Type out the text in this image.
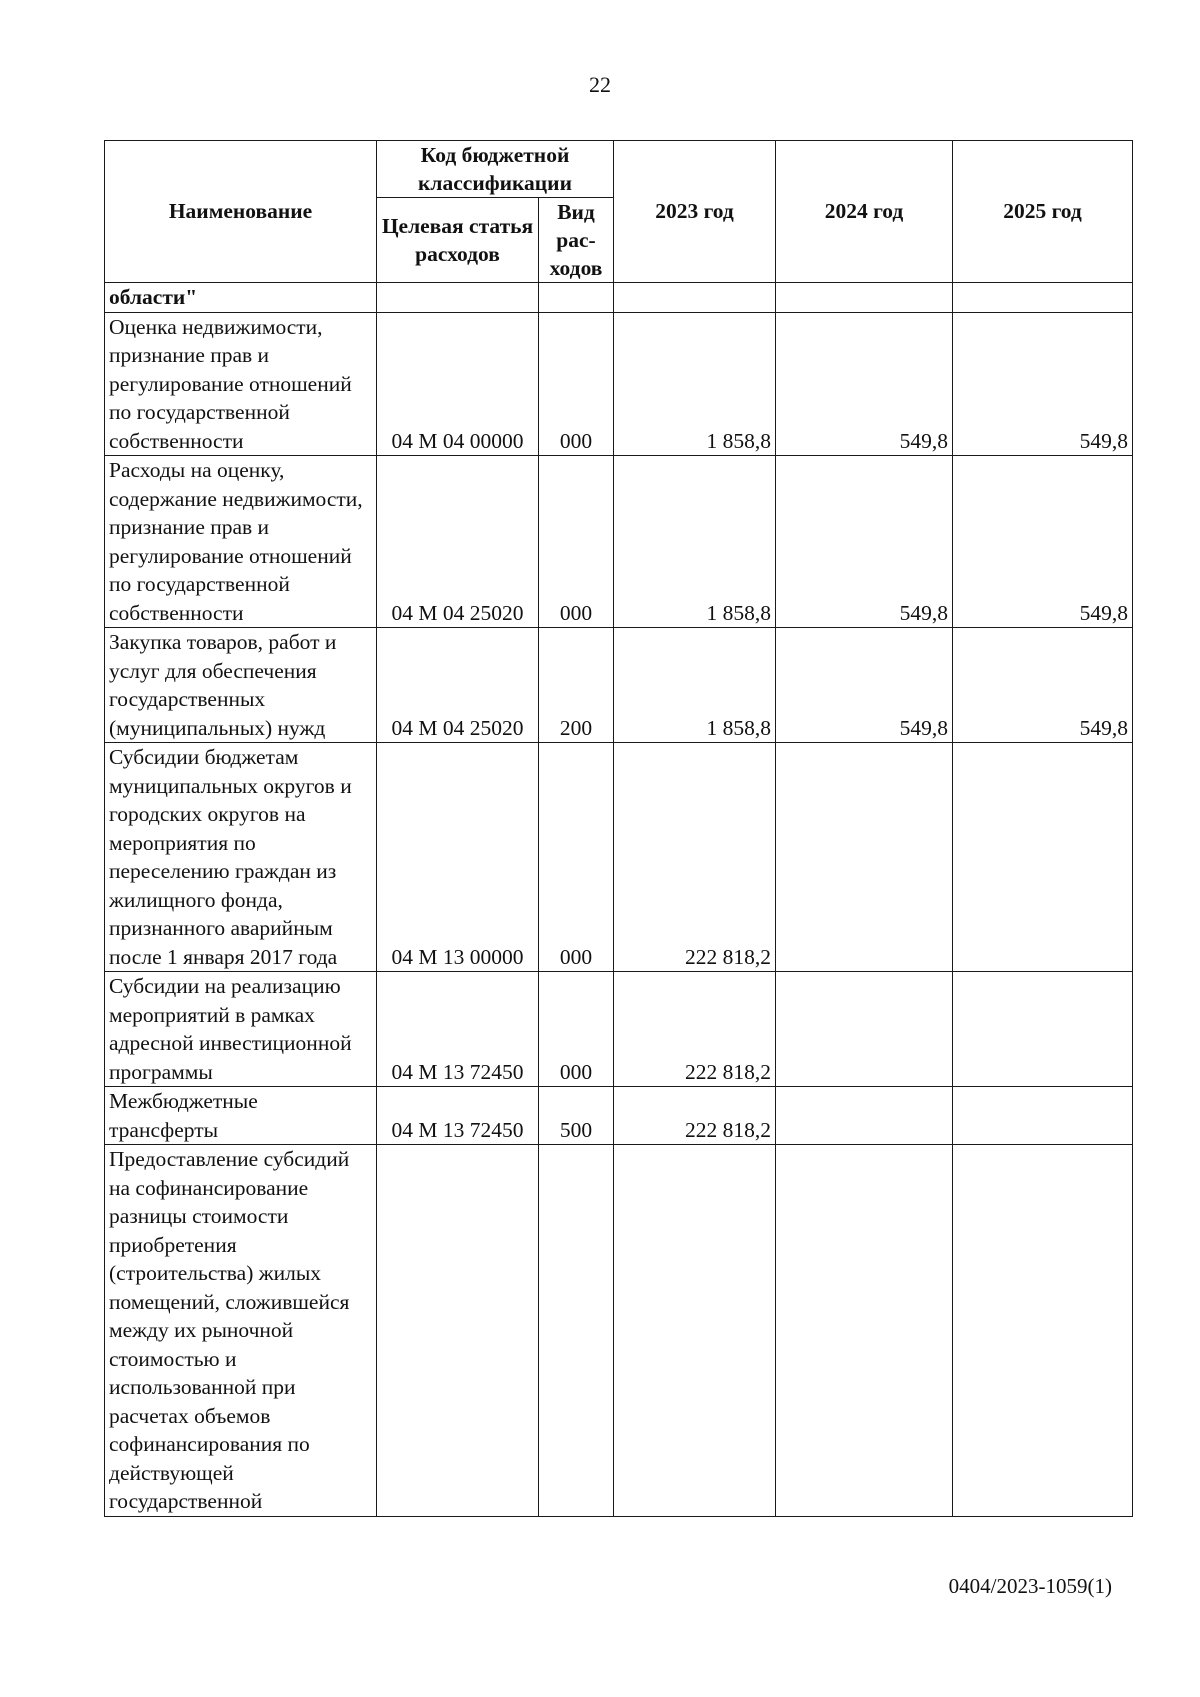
22
Наименование	Код бюджетной классификации		2023 год	2024 год	2025 год
	Целевая статья расходов	Вид рас-ходов			
области"					
Оценка недвижимости, признание прав и регулирование отношений по государственной собственности	04 М 04 00000	000	1 858,8	549,8	549,8
Расходы на оценку, содержание недвижимости, признание прав и регулирование отношений по государственной собственности	04 М 04 25020	000	1 858,8	549,8	549,8
Закупка товаров, работ и услуг для обеспечения государственных (муниципальных) нужд	04 М 04 25020	200	1 858,8	549,8	549,8
Субсидии бюджетам муниципальных округов и городских округов на мероприятия по переселению граждан из жилищного фонда, признанного аварийным после 1 января 2017 года	04 М 13 00000	000	222 818,2		
Субсидии на реализацию мероприятий в рамках адресной инвестиционной программы	04 М 13 72450	000	222 818,2		
Межбюджетные трансферты	04 М 13 72450	500	222 818,2		
Предоставление субсидий на софинансирование разницы стоимости приобретения (строительства) жилых помещений, сложившейся между их рыночной стоимостью и использованной при расчетах объемов софинансирования по действующей государственной					
0404/2023-1059(1)
